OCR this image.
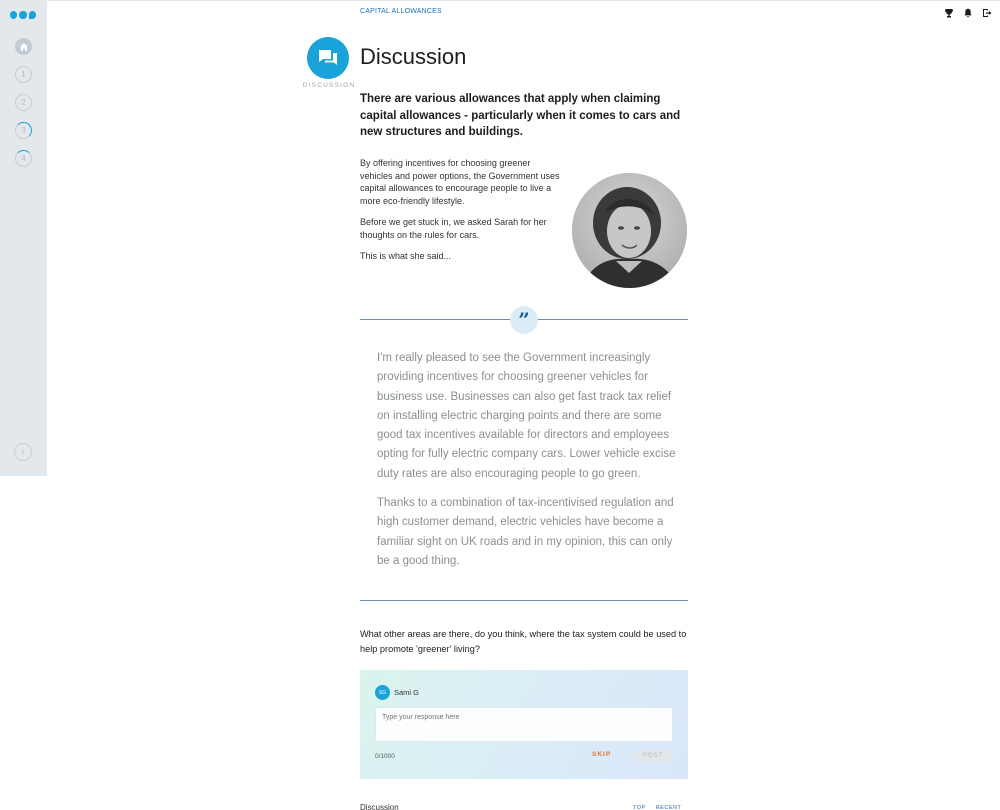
1
2
3
4
›
CAPITAL ALLOWANCES
DISCUSSION
Discussion
There are various allowances that apply when claiming capital allowances - particularly when it comes to cars and new structures and buildings.

By offering incentives for choosing greener vehicles and power options, the Government uses capital allowances to encourage people to live a more eco-friendly lifestyle.

Before we get stuck in, we asked Sarah for her thoughts on the rules for cars.

This is what she said...

”

I'm really pleased to see the Government increasingly providing incentives for choosing greener vehicles for business use. Businesses can also get fast track tax relief on installing electric charging points and there are some good tax incentives available for directors and employees opting for fully electric company cars. Lower vehicle excise duty rates are also encouraging people to go green.

Thanks to a combination of tax-incentivised regulation and high customer demand, electric vehicles have become a familiar sight on UK roads and in my opinion, this can only be a good thing.

What other areas are there, do you think, where the tax system could be used to help promote 'greener' living?
SG	Sami G
Type your response here
0/1000	SKIP	POST
Discussion	TOP RECENT
